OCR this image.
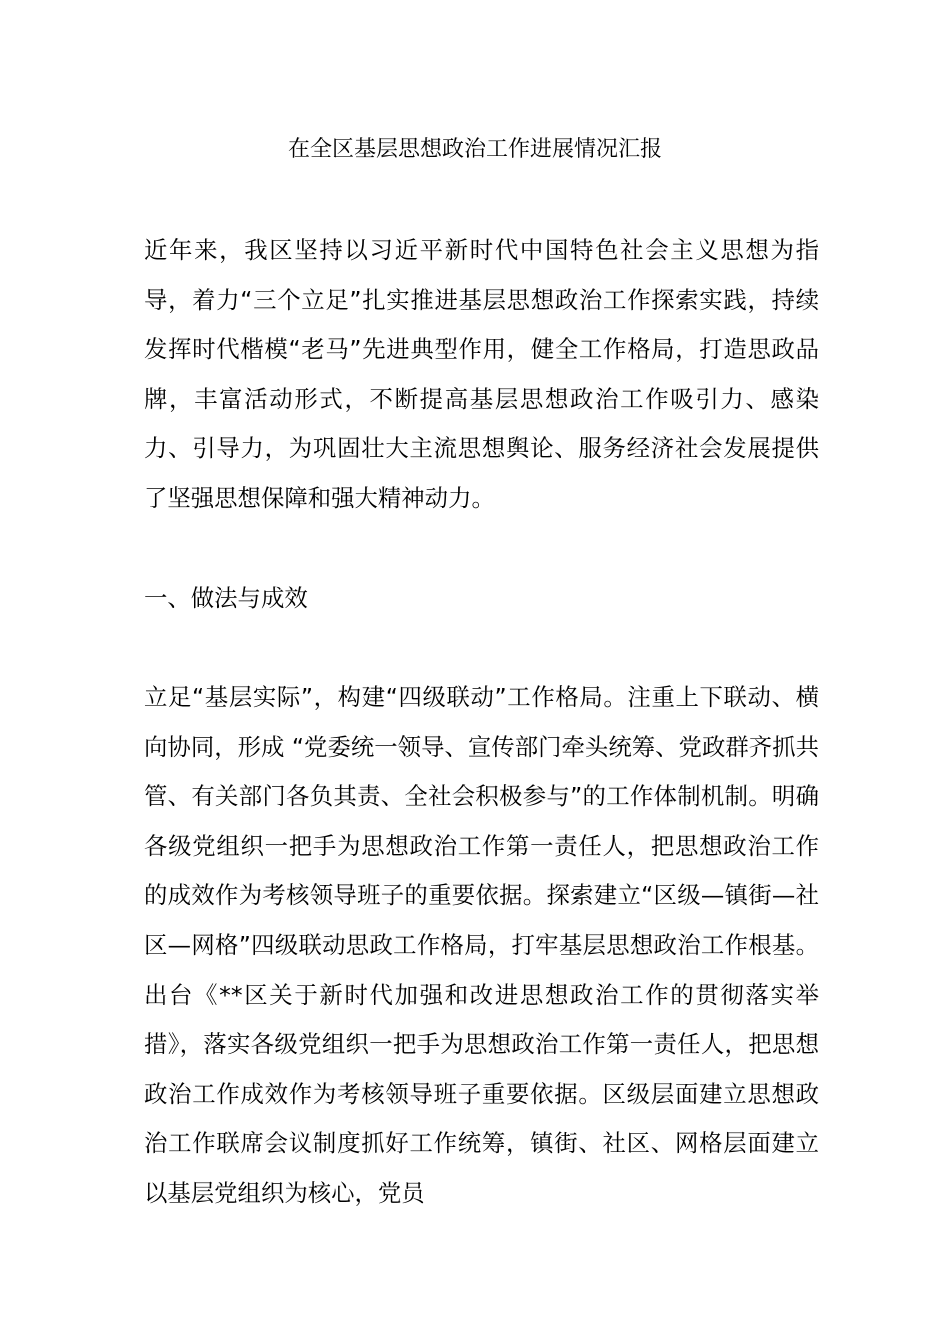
在全区基层思想政治工作进展情况汇报

近年来，我区坚持以习近平新时代中国特色社会主义思想为指导，着力“三个立足”扎实推进基层思想政治工作探索实践，持续发挥时代楷模“老马”先进典型作用，健全工作格局，打造思政品牌，丰富活动形式，不断提高基层思想政治工作吸引力、感染力、引导力，为巩固壮大主流思想舆论、服务经济社会发展提供了坚强思想保障和强大精神动力。

一、做法与成效

立足“基层实际”，构建“四级联动”工作格局。注重上下联动、横向协同，形成 “党委统一领导、宣传部门牵头统筹、党政群齐抓共管、有关部门各负其责、全社会积极参与”的工作体制机制。明确各级党组织一把手为思想政治工作第一责任人，把思想政治工作的成效作为考核领导班子的重要依据。探索建立“区级—镇街—社区—网格”四级联动思政工作格局，打牢基层思想政治工作根基。出台《**区关于新时代加强和改进思想政治工作的贯彻落实举措》，落实各级党组织一把手为思想政治工作第一责任人，把思想政治工作成效作为考核领导班子重要依据。区级层面建立思想政治工作联席会议制度抓好工作统筹，镇街、社区、网格层面建立以基层党组织为核心，党员
